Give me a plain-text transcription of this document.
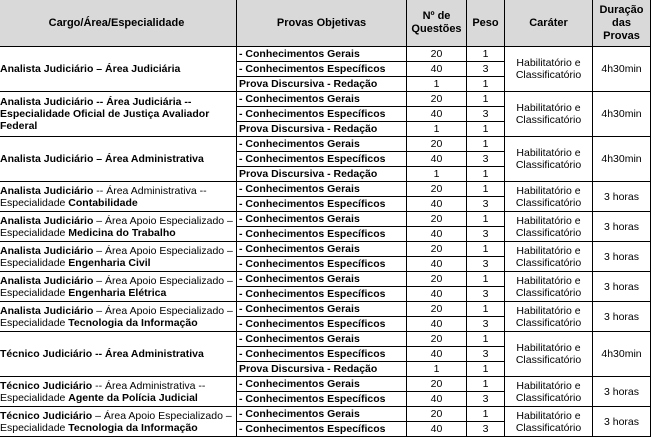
Cargo/Área/Especialidade	Provas Objetivas	Nº de Questões	Peso	Caráter	Duração das Provas
Analista Judiciário – Área Judiciária	- Conhecimentos Gerais	20	1	Habilitatório e Classificatório	4h30min
	- Conhecimentos Específicos	40	3		
	Prova Discursiva - Redação	1	1		
Analista Judiciário -- Área Judiciária -- Especialidade Oficial de Justiça Avaliador Federal	- Conhecimentos Gerais	20	1	Habilitatório e Classificatório	4h30min
	- Conhecimentos Específicos	40	3		
	Prova Discursiva - Redação	1	1		
Analista Judiciário – Área Administrativa	- Conhecimentos Gerais	20	1	Habilitatório e Classificatório	4h30min
	- Conhecimentos Específicos	40	3		
	Prova Discursiva - Redação	1	1		
Analista Judiciário -- Área Administrativa -- Especialidade Contabilidade	- Conhecimentos Gerais	20	1	Habilitatório e Classificatório	3 horas
	- Conhecimentos Específicos	40	3		
Analista Judiciário – Área Apoio Especializado – Especialidade Medicina do Trabalho	- Conhecimentos Gerais	20	1	Habilitatório e Classificatório	3 horas
	- Conhecimentos Específicos	40	3		
Analista Judiciário – Área Apoio Especializado – Especialidade Engenharia Civil	- Conhecimentos Gerais	20	1	Habilitatório e Classificatório	3 horas
	- Conhecimentos Específicos	40	3		
Analista Judiciário – Área Apoio Especializado – Especialidade Engenharia Elétrica	- Conhecimentos Gerais	20	1	Habilitatório e Classificatório	3 horas
	- Conhecimentos Específicos	40	3		
Analista Judiciário – Área Apoio Especializado – Especialidade Tecnologia da Informação	- Conhecimentos Gerais	20	1	Habilitatório e Classificatório	3 horas
	- Conhecimentos Específicos	40	3		
Técnico Judiciário -- Área Administrativa	- Conhecimentos Gerais	20	1	Habilitatório e Classificatório	4h30min
	- Conhecimentos Específicos	40	3		
	Prova Discursiva - Redação	1	1		
Técnico Judiciário -- Área Administrativa -- Especialidade Agente da Polícia Judicial	- Conhecimentos Gerais	20	1	Habilitatório e Classificatório	3 horas
	- Conhecimentos Específicos	40	3		
Técnico Judiciário – Área Apoio Especializado – Especialidade Tecnologia da Informação	- Conhecimentos Gerais	20	1	Habilitatório e Classificatório	3 horas
	- Conhecimentos Específicos	40	3		
